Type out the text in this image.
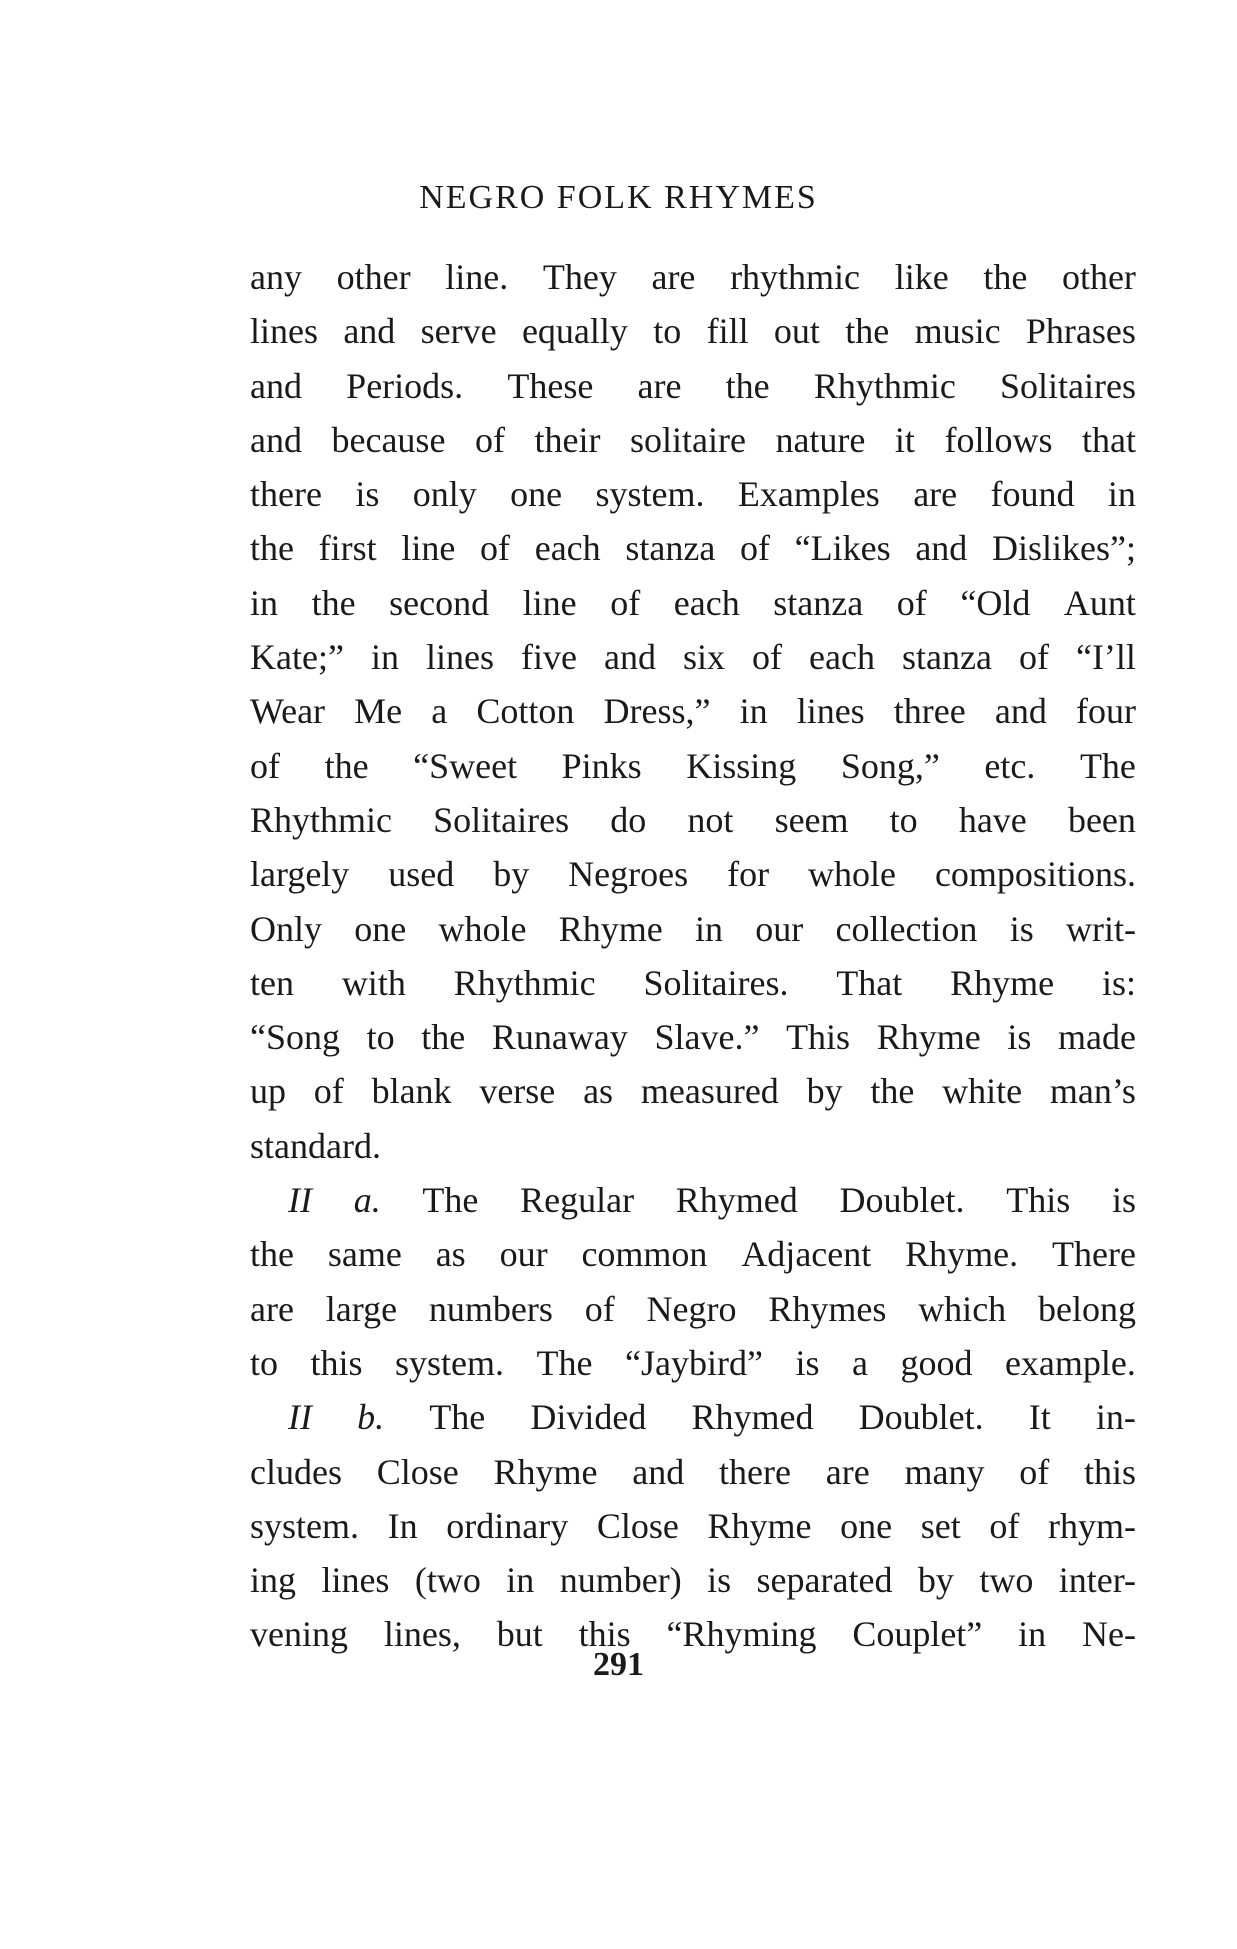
NEGRO FOLK RHYMES
any other line. They are rhythmic like the other
lines and serve equally to fill out the music Phrases
and Periods. These are the Rhythmic Solitaires
and because of their solitaire nature it follows that
there is only one system. Examples are found in
the first line of each stanza of “Likes and Dislikes”;
in the second line of each stanza of “Old Aunt
Kate;” in lines five and six of each stanza of “I’ll
Wear Me a Cotton Dress,” in lines three and four
of the “Sweet Pinks Kissing Song,” etc. The
Rhythmic Solitaires do not seem to have been
largely used by Negroes for whole compositions.
Only one whole Rhyme in our collection is writ-
ten with Rhythmic Solitaires. That Rhyme is:
“Song to the Runaway Slave.” This Rhyme is made
up of blank verse as measured by the white man’s
standard.
II a. The Regular Rhymed Doublet. This is
the same as our common Adjacent Rhyme. There
are large numbers of Negro Rhymes which belong
to this system. The “Jaybird” is a good example.
II b. The Divided Rhymed Doublet. It in-
cludes Close Rhyme and there are many of this
system. In ordinary Close Rhyme one set of rhym-
ing lines (two in number) is separated by two inter-
vening lines, but this “Rhyming Couplet” in Ne-
291
